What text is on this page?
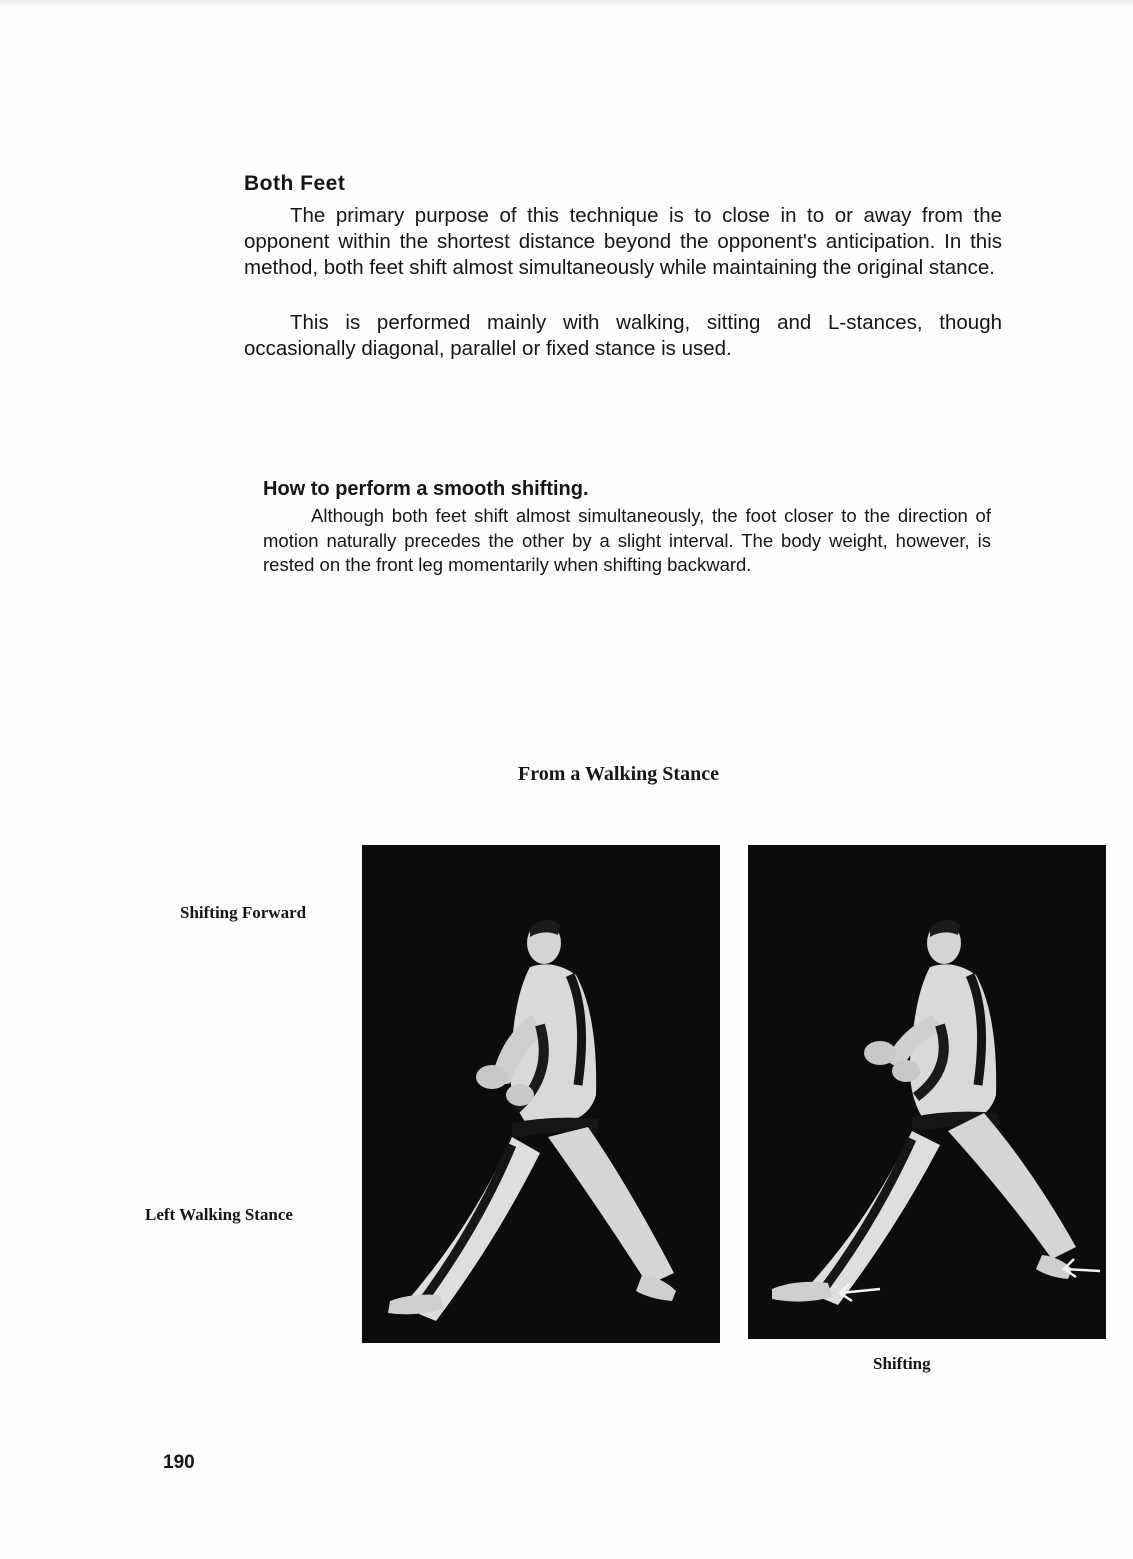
Both Feet

The primary purpose of this technique is to close in to or away from the opponent within the shortest distance beyond the opponent's anticipation. In this method, both feet shift almost simultaneously while maintaining the original stance.

This is performed mainly with walking, sitting and L-stances, though occasionally diagonal, parallel or fixed stance is used.

How to perform a smooth shifting.

Although both feet shift almost simultaneously, the foot closer to the direction of motion naturally precedes the other by a slight interval. The body weight, however, is rested on the front leg momentarily when shifting backward.

From a Walking Stance

Shifting Forward

Left Walking Stance

Shifting

190
